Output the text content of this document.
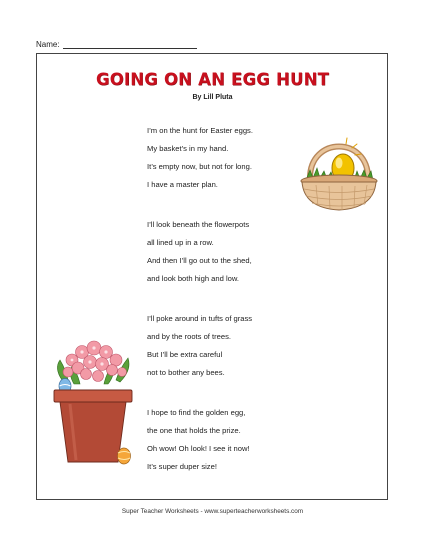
Name:
GOING ON AN EGG HUNT
By Lill Pluta
I’m on the hunt for Easter eggs.
My basket’s in my hand.
It’s empty now, but not for long.
I have a master plan.
I’ll look beneath the flowerpots
all lined up in a row.
And then I’ll go out to the shed,
and look both high and low.
I’ll poke around in tufts of grass
and by the roots of trees.
But I’ll be extra careful
not to bother any bees.
I hope to find the golden egg,
the one that holds the prize.
Oh wow! Oh look! I see it now!
It’s super duper size!
Super Teacher Worksheets - www.superteacherworksheets.com
